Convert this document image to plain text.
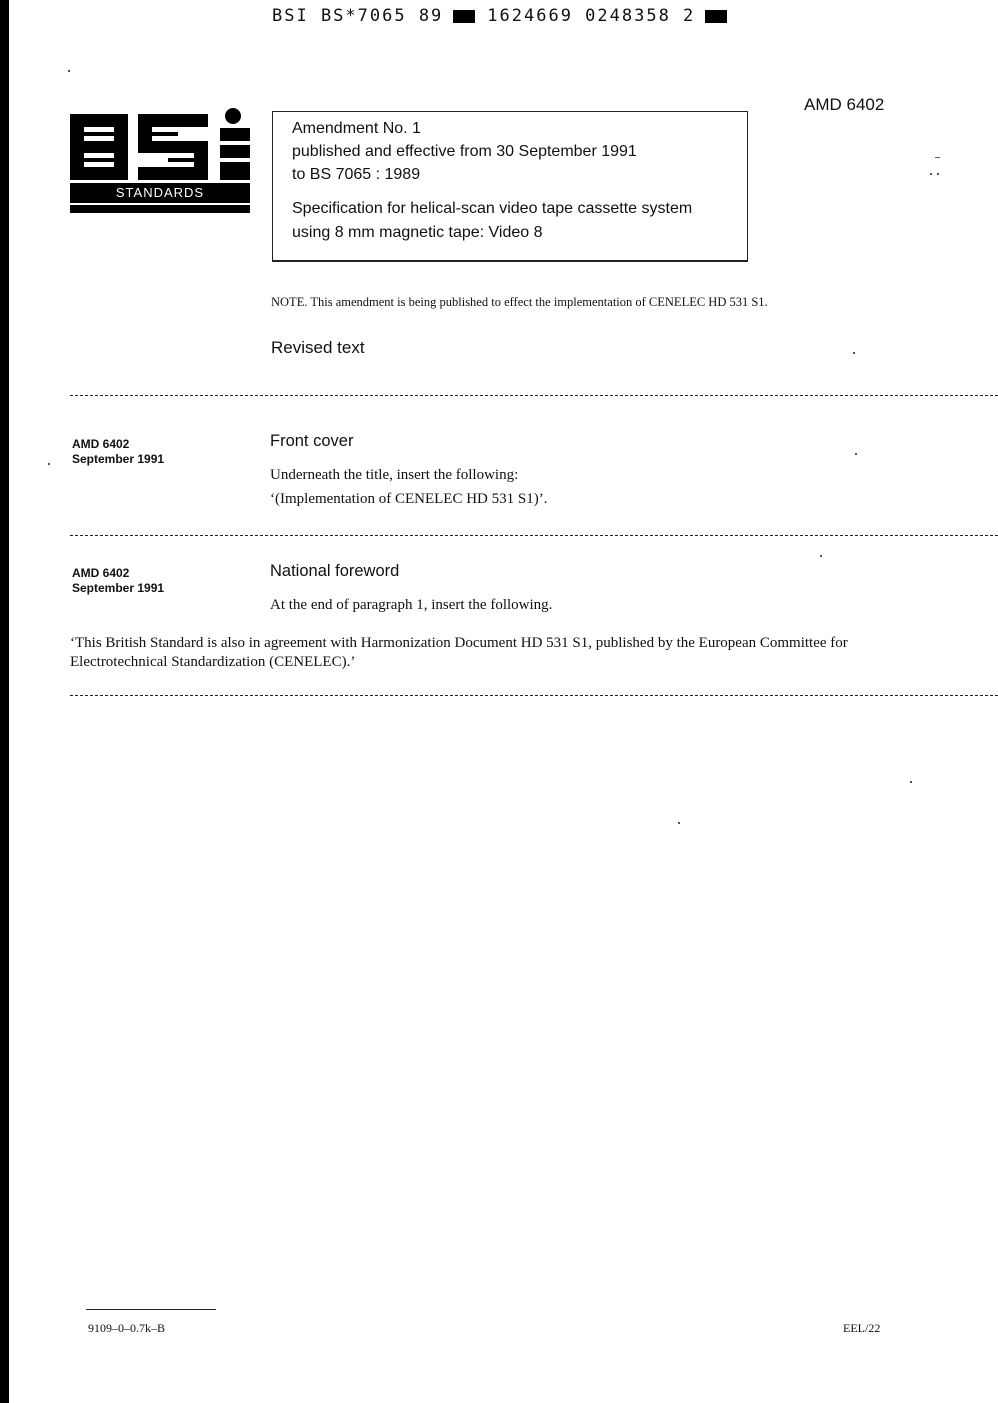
BSI BS*7065 89	1624669 0248358 2
STANDARDS
AMD 6402
Amendment No. 1
published and effective from 30 September 1991
to BS 7065 : 1989
Specification for helical-scan video tape cassette system
using 8 mm magnetic tape: Video 8
NOTE. This amendment is being published to effect the implementation of CENELEC HD 531 S1.
Revised text
AMD 6402
September 1991
Front cover
Underneath the title, insert the following:
‘(Implementation of CENELEC HD 531 S1)’.
AMD 6402
September 1991
National foreword
At the end of paragraph 1, insert the following.
‘This British Standard is also in agreement with Harmonization Document HD 531 S1, published by the European Committee for Electrotechnical Standardization (CENELEC).’
9109–0–0.7k–B	EEL/22
